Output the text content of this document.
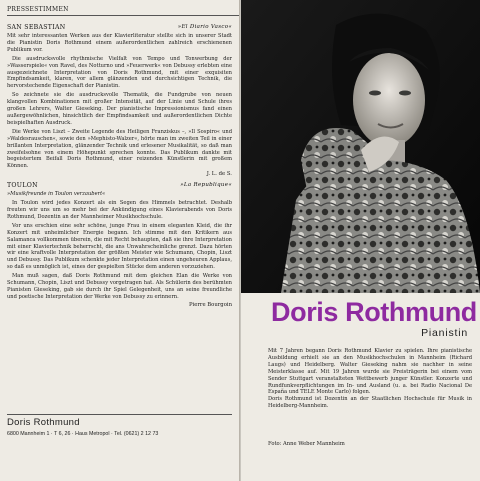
PRESSESTIMMEN
SAN SEBASTIAN	»El Diario Vasco«

Mit sehr interessanten Werken aus der Klavierliteratur stellte sich in unserer Stadt die Pianistin Doris Rothmund einem außerordentlichen zahlreich erschienenen Publikum vor.

Die ausdrucksvolle rhythmische Vielfalt von Tempo und Tonwerbung der »Wasserspiele« von Ravel, des Notturno und »Feuerwerk« von Debussy erlebten eine ausgezeichnete Interpretation von Doris Rothmund, mit einer exquisiten Empfindsamkeit, klaren, vor allem glänzenden und durchsichtigen Technik, die hervorstechende Eigenschaft der Pianistin.

So zeichnete sie die ausdrucksvolle Thematik, die Fundgrube von neuen klangvollen Kombinationen mit großer Intensität, auf der Linie und Schule ihres großen Lehrers, Walter Gieseking. Der pianistische Impressionismus fand einen außergewöhnlichen, hinsichtlich der Empfindsamkeit und außerordentlichen Dichte beispielhaften Ausdruck.

Die Werke von Liszt – Zweite Legende des Heiligen Franziskus –, »Il Sospiro« und »Waldesrauschen«, sowie den »Mephisto-Walzer«, hörte man im zweiten Teil in einer brillanten Interpretation, glänzender Technik und erlesener Musikalität, so daß man zweifelsohne von einem Höhepunkt sprechen konnte. Das Publikum dankte mit begeistertem Beifall Doris Rothmund, einer reizenden Künstlerin mit großem Können.

J. L. de S.
TOULON	»La Republique«

»Musikfreunde in Toulon verzaubert«

In Toulon wird jedes Konzert als ein Segen des Himmels betrachtet. Deshalb freuten wir uns um so mehr bei der Ankündigung eines Klavierabends von Doris Rothmund, Dozentin an der Mannheimer Musikhochschule.

Vor uns erschien eine sehr schöne, junge Frau in einem eleganten Kleid, die ihr Konzert mit unheimlicher Energie begann. Ich stimme mit den Kritikern aus Salamanca vollkommen überein, die mit Recht behaupten, daß sie ihre Interpretation mit einer Klaviertechnik beherrscht, die ans Unwahrscheinliche grenzt. Dazu hörten wir eine kraftvolle Interpretation der größten Meister wie Schumann, Chopin, Liszt und Debussy. Das Publikum schenkte jeder Interpretation einen ungeheuren Applaus, so daß es unmöglich ist, eines der gespielten Stücke dem anderen vorzuziehen.

Man muß sagen, daß Doris Rothmund mit dem gleichen Elan die Werke von Schumann, Chopin, Liszt und Debussy vorgetragen hat. Als Schülerin des berühmten Pianisten Gieseking, gab sie durch ihr Spiel Gelegenheit, uns an seine freundliche und poetische Interpretation der Werke von Debussy zu erinnern.

Pierre Bourgoin
Doris Rothmund
6800 Mannheim 1 · T 6, 26 · Haus Metropol · Tel. (0621) 2 12 73
Doris Rothmund
Pianistin

Mit 7 Jahren begann Doris Rothmund Klavier zu spielen. Ihre pianistische Ausbildung erhielt sie an den Musikhochschulen in Mannheim (Richard Laugs) und Heidelberg. Walter Gieseking nahm sie nachher in seine Meisterklasse auf. Mit 19 Jahren wurde sie Preisträgerin bei einem vom Sender Stuttgart veranstalteten Wettbewerb junger Künstler. Konzerte und Rundfunkverpflichtungen im In- und Ausland (u. a. bei Radio Nacional De España und TELE Monte Carlo) folgen.

Doris Rothmund ist Dozentin an der Staatlichen Hochschule für Musik in Heidelberg-Mannheim.

Foto: Anne Weber Mannheim
